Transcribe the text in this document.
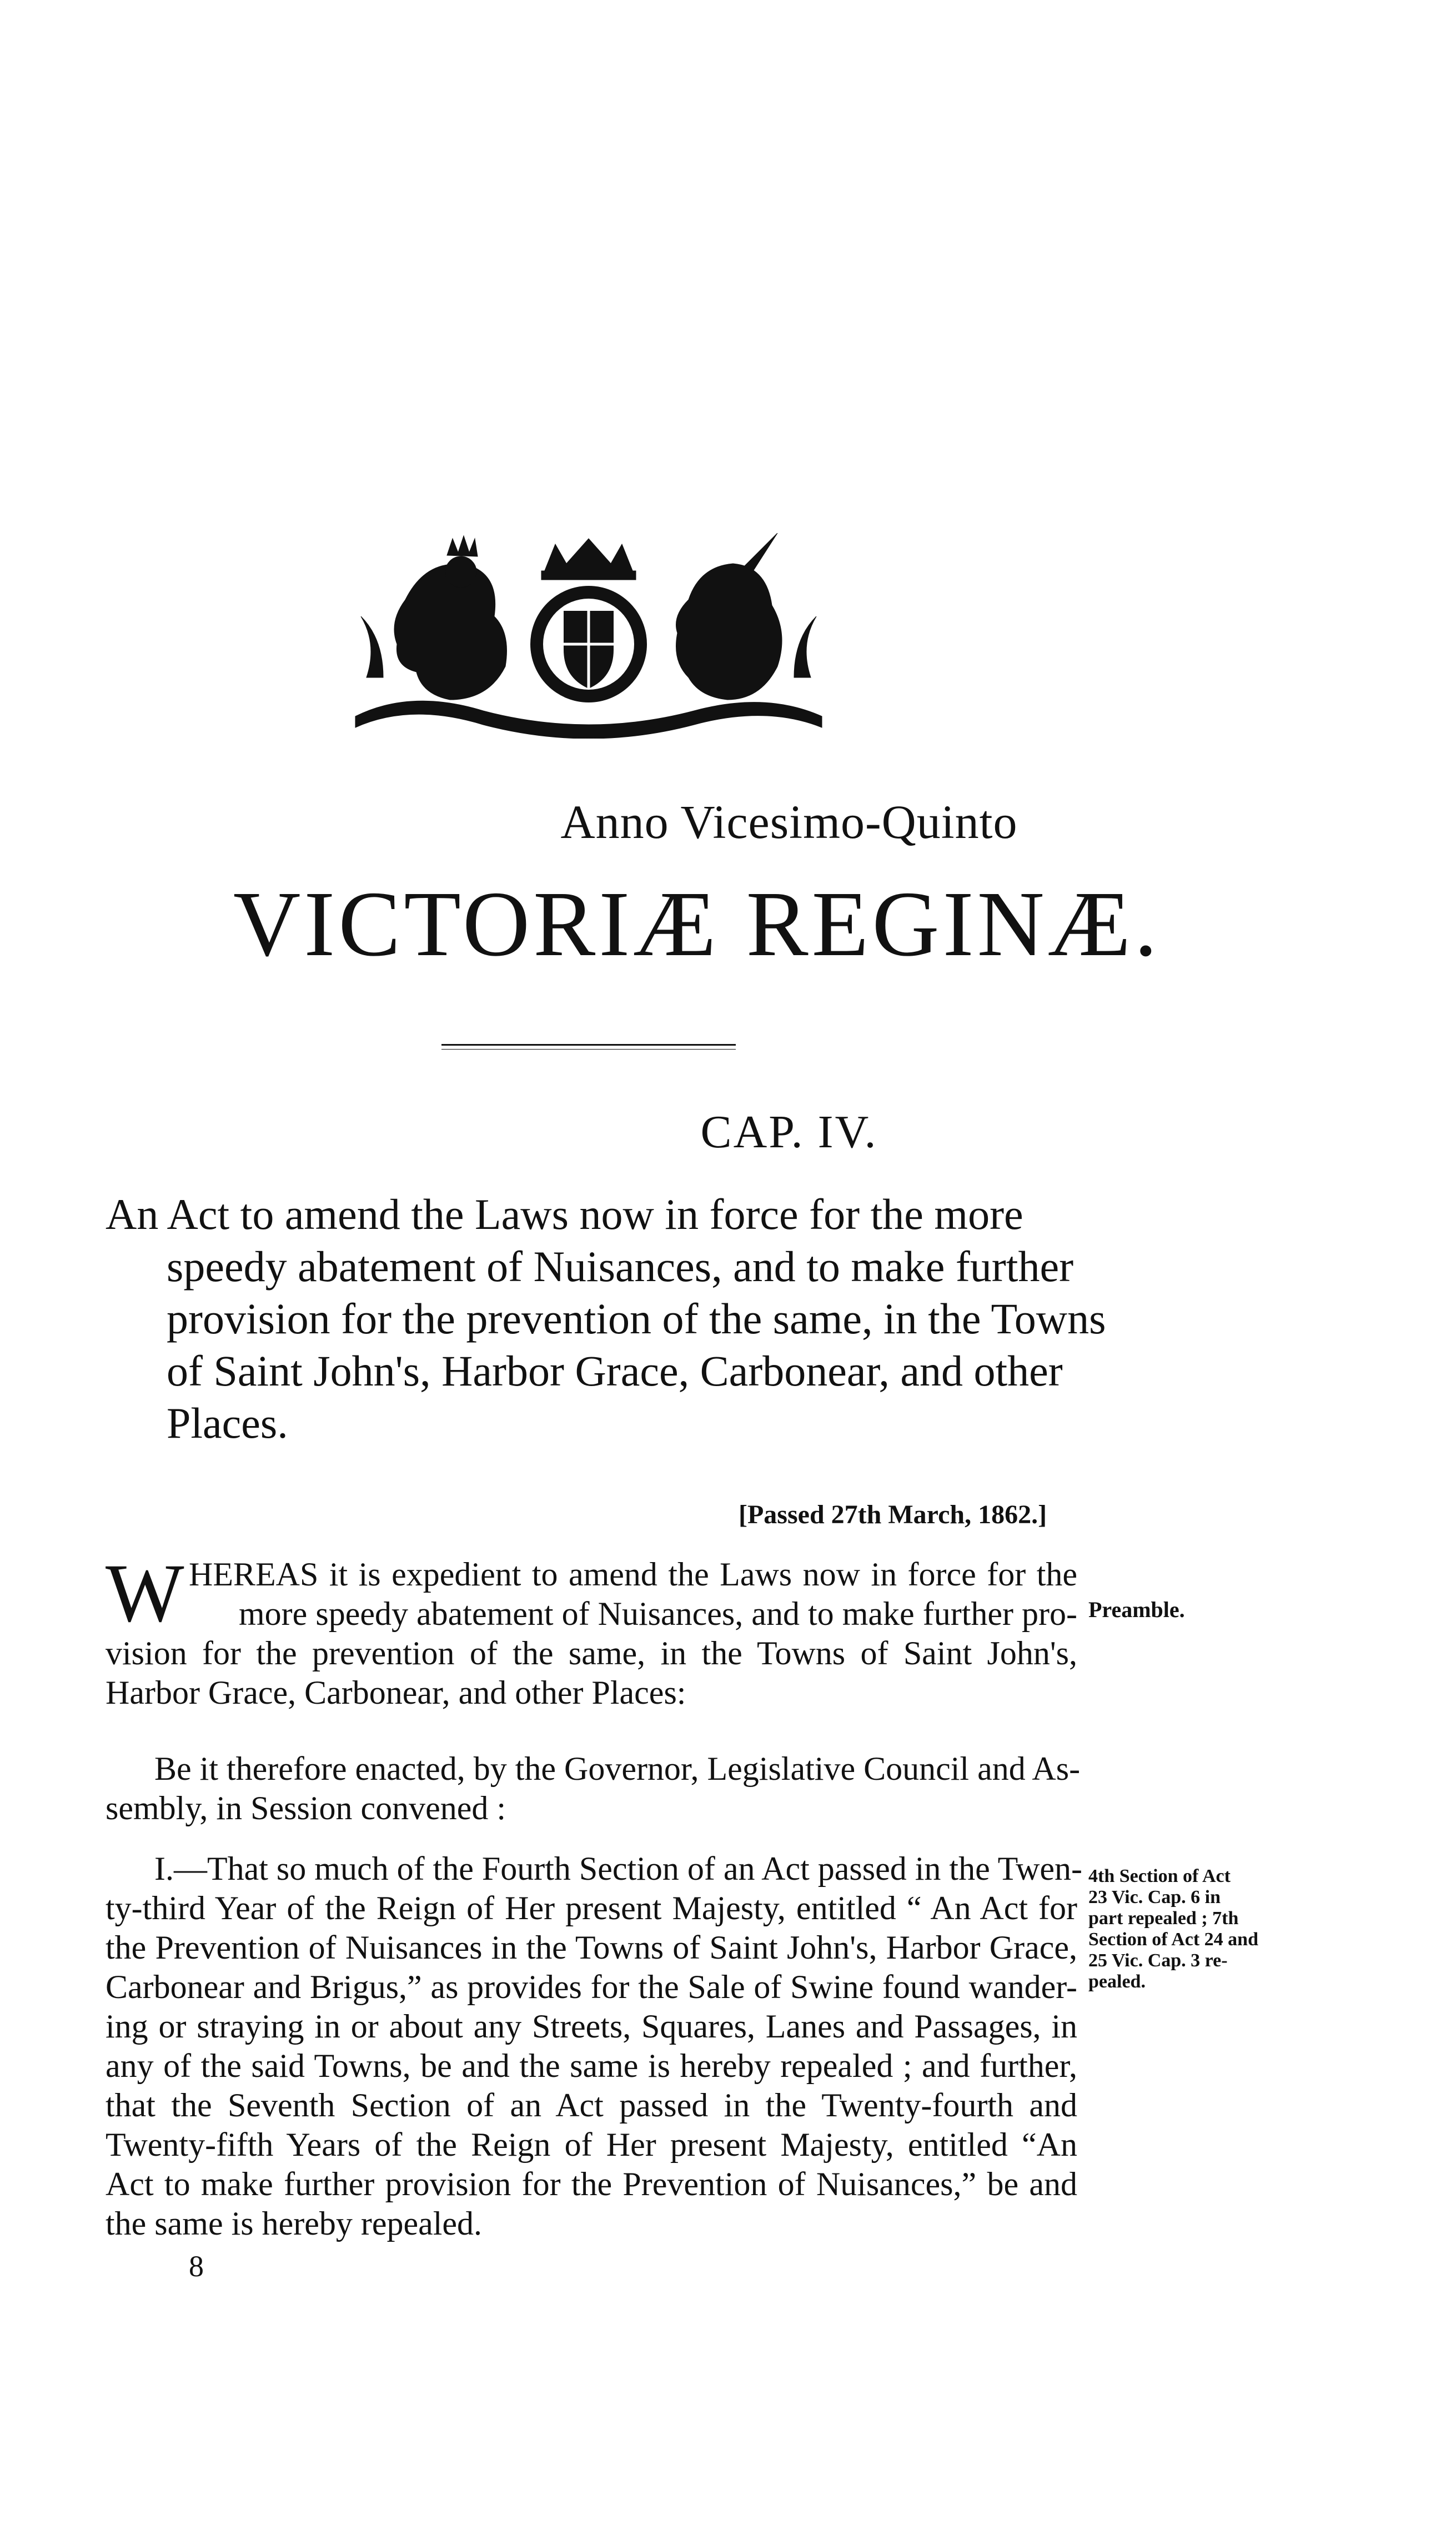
Anno Vicesimo-Quinto
VICTORIÆ REGINÆ.
CAP. IV.
An Act to amend the Laws now in force for the more
speedy abatement of Nuisances, and to make further
provision for the prevention of the same, in the Towns
of Saint John's, Harbor Grace, Carbonear, and other
Places.
[Passed 27th March, 1862.]
W HEREAS it is expedient to amend the Laws now in force for the
more speedy abatement of Nuisances, and to make further pro-
vision for the prevention of the same, in the Towns of Saint John's,
Harbor Grace, Carbonear, and other Places:
Preamble.
Be it therefore enacted, by the Governor, Legislative Council and As-
sembly, in Session convened :
I.—That so much of the Fourth Section of an Act passed in the Twen-
ty-third Year of the Reign of Her present Majesty, entitled “ An Act for
the Prevention of Nuisances in the Towns of Saint John's, Harbor Grace,
Carbonear and Brigus,” as provides for the Sale of Swine found wander-
ing or straying in or about any Streets, Squares, Lanes and Passages, in
any of the said Towns, be and the same is hereby repealed ; and further,
that the Seventh Section of an Act passed in the Twenty-fourth and
Twenty-fifth Years of the Reign of Her present Majesty, entitled “An
Act to make further provision for the Prevention of Nuisances,” be and
the same is hereby repealed.
4th Section of Act
23 Vic. Cap. 6 in
part repealed ; 7th
Section of Act 24 and
25 Vic. Cap. 3 re-
pealed.
8
